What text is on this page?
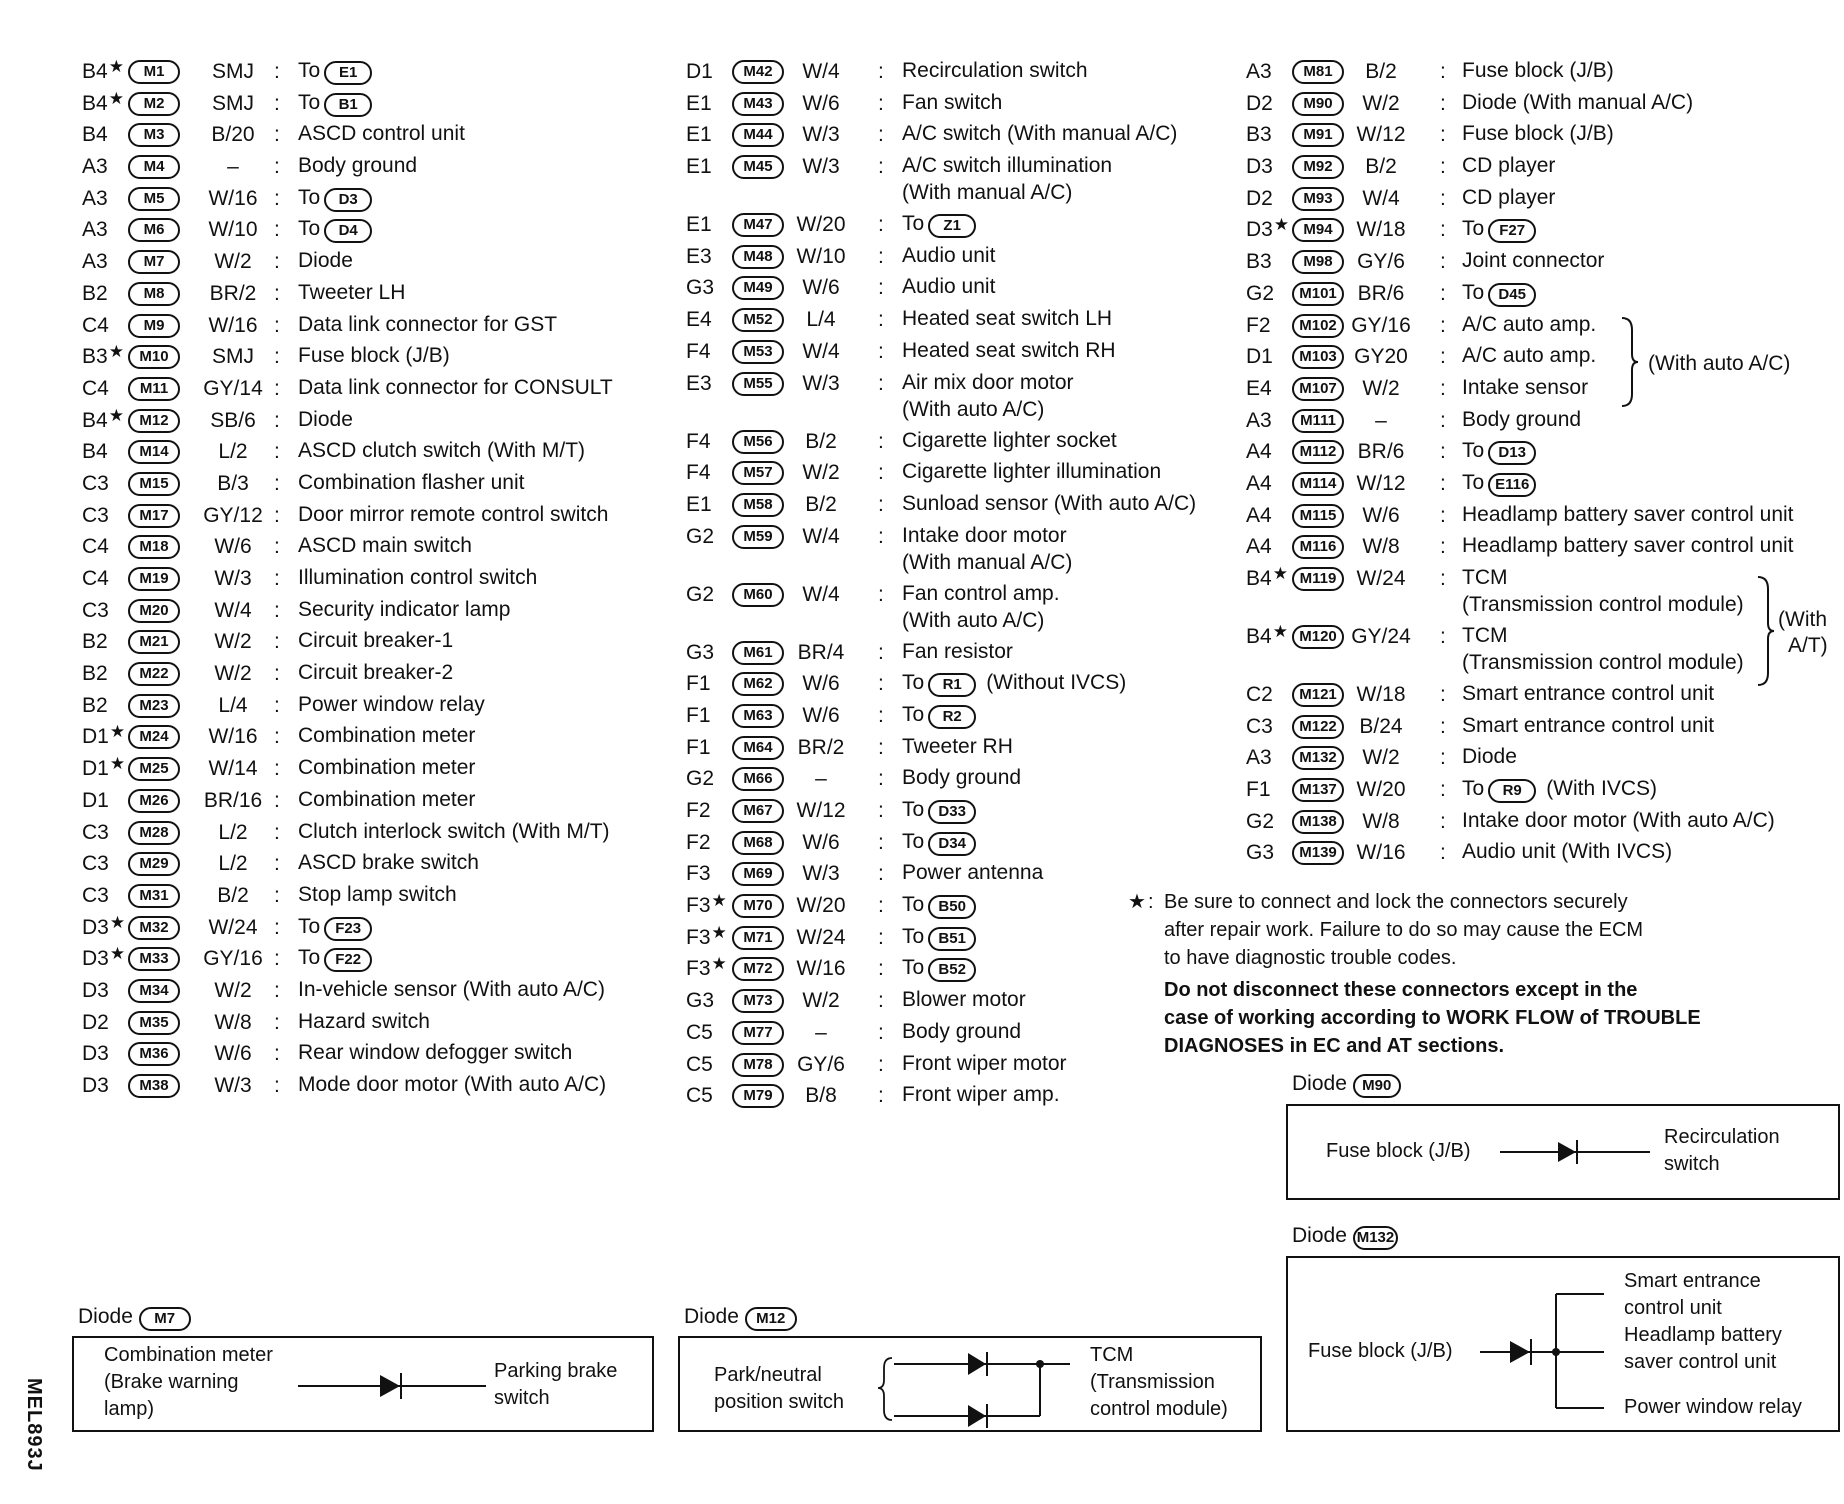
B4★	M1	SMJ : To E1
B4★	M2	SMJ : To B1
B4	M3	B/20 : ASCD control unit
A3	M4	–	: Body ground
A3	M5	W/16 : To D3
A3	M6	W/10 : To D4
A3	M7	W/2	: Diode
B2	M8	BR/2 : Tweeter LH
C4	M9	W/16 : Data link connector for GST
B3★	M10	SMJ : Fuse block (J/B)
C4	M11	GY/14 : Data link connector for CONSULT
B4★	M12	SB/6 : Diode
B4	M14	L/2	: ASCD clutch switch (With M/T)
C3	M15	B/3	: Combination flasher unit
C3	M17	GY/12 : Door mirror remote control switch
C4	M18	W/6	: ASCD main switch
C4	M19	W/3	: Illumination control switch
C3	M20	W/4	: Security indicator lamp
B2	M21	W/2	: Circuit breaker-1
B2	M22	W/2	: Circuit breaker-2
B2	M23	L/4	: Power window relay
D1★ M24	W/16 : Combination meter
D1★ M25	W/14 : Combination meter
D1	M26	BR/16 : Combination meter
C3	M28	L/2	: Clutch interlock switch (With M/T)
C3	M29	L/2	: ASCD brake switch
C3	M31	B/2	: Stop lamp switch
D3★ M32	W/24 : To F23
D3★ M33	GY/16 : To F22
D3	M34	W/2	: In-vehicle sensor (With auto A/C)
D2	M35	W/8	: Hazard switch
D3	M36	W/6	: Rear window defogger switch
D3	M38	W/3	: Mode door motor (With auto A/C)
D1	M42	W/4	: Recirculation switch
E1	M43	W/6	: Fan switch
E1	M44	W/3	: A/C switch (With manual A/C)
E1	M45	W/3	: A/C switch illumination
(With manual A/C)
E1	M47	W/20	: To Z1
E3	M48	W/10	: Audio unit
G3	M49	W/6	: Audio unit
E4	M52	L/4	: Heated seat switch LH
F4	M53	W/4	: Heated seat switch RH
E3	M55	W/3	: Air mix door motor
(With auto A/C)
F4	M56	B/2	: Cigarette lighter socket
F4	M57	W/2	: Cigarette lighter illumination
E1	M58	B/2	: Sunload sensor (With auto A/C)
G2	M59	W/4	: Intake door motor
(With manual A/C)
G2	M60	W/4	: Fan control amp.
(With auto A/C)
G3	M61	BR/4	: Fan resistor
F1	M62	W/6	: To R1 (Without IVCS)
F1	M63	W/6	: To R2
F1	M64	BR/2	: Tweeter RH
G2	M66	–	: Body ground
F2	M67	W/12	: To D33
F2	M68	W/6	: To D34
F3	M69	W/3	: Power antenna
F3★	M70	W/20	: To B50
F3★	M71	W/24	: To B51
F3★	M72	W/16	: To B52
G3	M73	W/2	: Blower motor
C5	M77	–	: Body ground
C5	M78	GY/6	: Front wiper motor
C5	M79	B/8	: Front wiper amp.
A3	M81	B/2	: Fuse block (J/B)
D2	M90	W/2	: Diode (With manual A/C)
B3	M91	W/12	: Fuse block (J/B)
D3	M92	B/2	: CD player
D2	M93	W/4	: CD player
D3★ M94	W/18	: To F27
B3	M98	GY/6	: Joint connector
G2	M101 BR/6	: To D45
F2	M102 GY/16 : A/C auto amp.
D1	M103 GY20	: A/C auto amp.
E4	M107	W/2	: Intake sensor
A3	M111	–	: Body ground
A4	M112	BR/6	: To D13
A4	M114 W/12	: To E116
A4	M115	W/6	: Headlamp battery saver control unit
A4	M116	W/8	: Headlamp battery saver control unit
B4★ M119 W/24	: TCM
(Transmission control module)
B4★ M120 GY/24 : TCM
(Transmission control module)
C2	M121 W/18	: Smart entrance control unit
C3	M122	B/24	: Smart entrance control unit
A3	M132	W/2	: Diode
F1	M137 W/20	: To R9 (With IVCS)
G2	M138	W/8	: Intake door motor (With auto A/C)
G3	M139 W/16	: Audio unit (With IVCS)
(With auto A/C)
(With
A/T)
★ : Be sure to connect and lock the connectors securely
after repair work. Failure to do so may cause the ECM
to have diagnostic trouble codes.
Do not disconnect these connectors except in the
case of working according to WORK FLOW of TROUBLE
DIAGNOSES in EC and AT sections.
Diode M90
Fuse block (J/B)
Recirculation
switch
Diode M132
Fuse block (J/B)
Smart entrance
control unit
Headlamp battery
saver control unit
Power window relay
Diode M7
Combination meter
(Brake warning
lamp)
Parking brake
switch
Diode M12
Park/neutral
position switch
TCM
(Transmission
control module)
MEL893J
